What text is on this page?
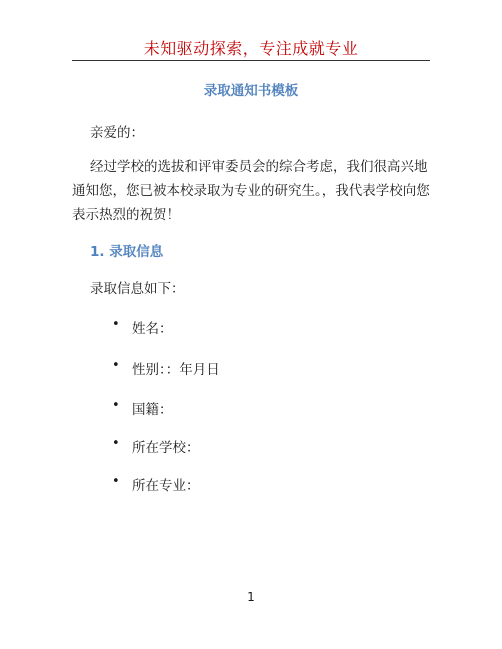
未知驱动探索，专注成就专业
录取通知书模板
亲爱的：
经过学校的选拔和评审委员会的综合考虑，我们很高兴地通知您，您已被本校录取为专业的研究生。，我代表学校向您表示热烈的祝贺！
1. 录取信息
录取信息如下：
• 姓名：
• 性别：：年月日
• 国籍：
• 所在学校：
• 所在专业：
1
